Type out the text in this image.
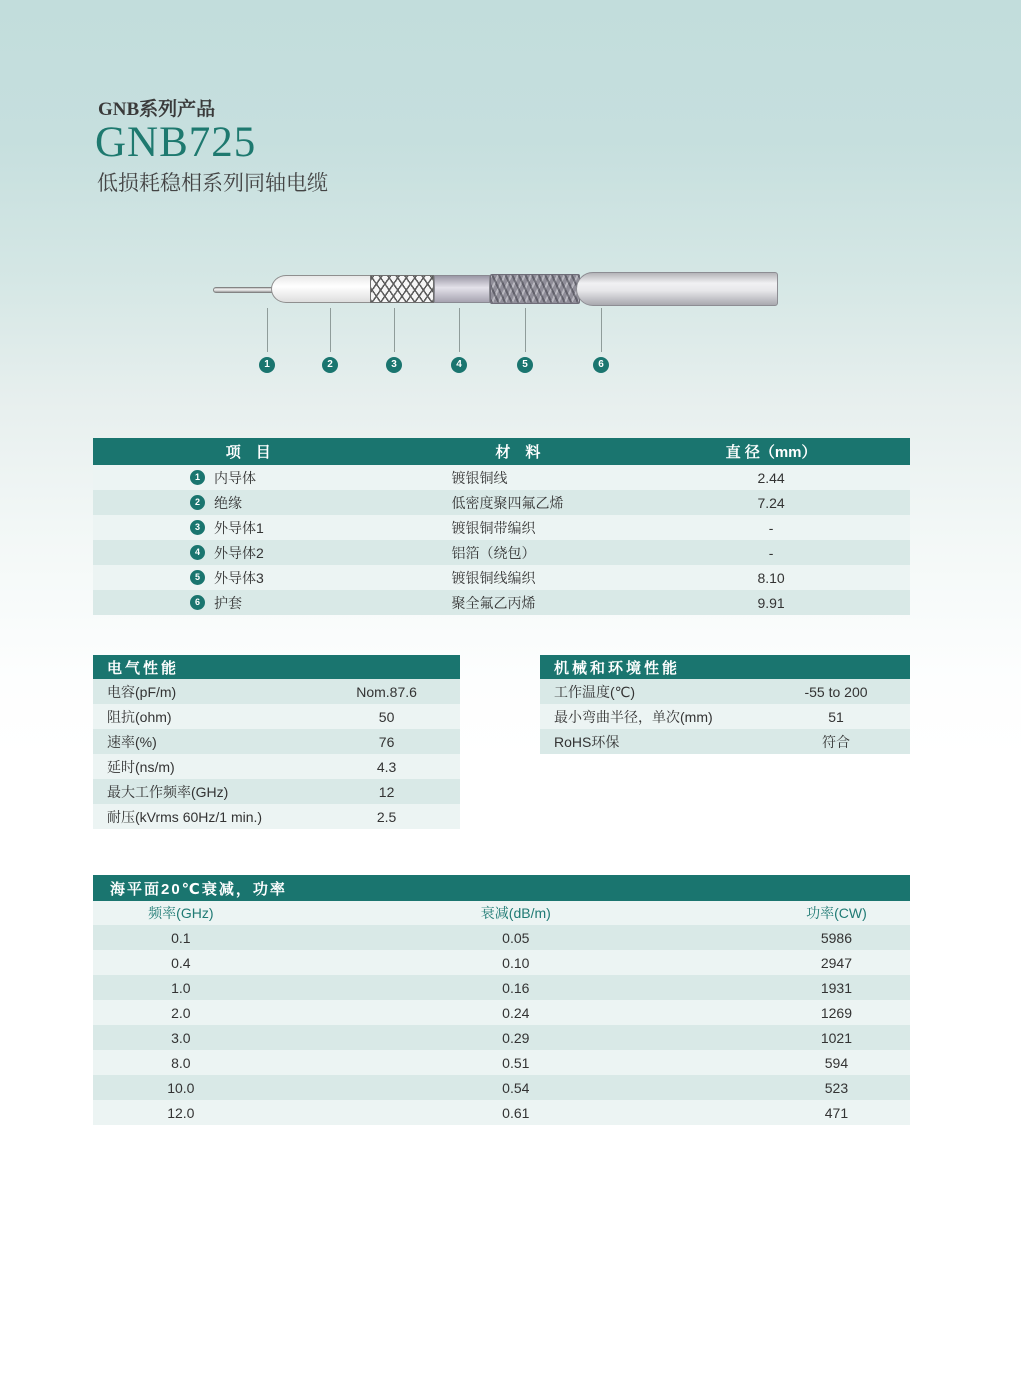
GNB系列产品
GNB725
低损耗稳相系列同轴电缆
1	2	3	4	5	6
项　目	材　料	直 径（mm）
1	内导体	镀银铜线	2.44
2	绝缘	低密度聚四氟乙烯	7.24
3	外导体1	镀银铜带编织	-
4	外导体2	铝箔（绕包）	-
5	外导体3	镀银铜线编织	8.10
6	护套	聚全氟乙丙烯	9.91
电气性能
电容(pF/m)	Nom.87.6
阻抗(ohm)	50
速率(%)	76
延时(ns/m)	4.3
最大工作频率(GHz)	12
耐压(kVrms 60Hz/1 min.)	2.5
机械和环境性能
工作温度(℃)	-55 to 200
最小弯曲半径，单次(mm)	51
RoHS环保	符合
海平面20℃衰减，功率
频率(GHz)	衰减(dB/m)	功率(CW)
0.1	0.05	5986
0.4	0.10	2947
1.0	0.16	1931
2.0	0.24	1269
3.0	0.29	1021
8.0	0.51	594
10.0	0.54	523
12.0	0.61	471
